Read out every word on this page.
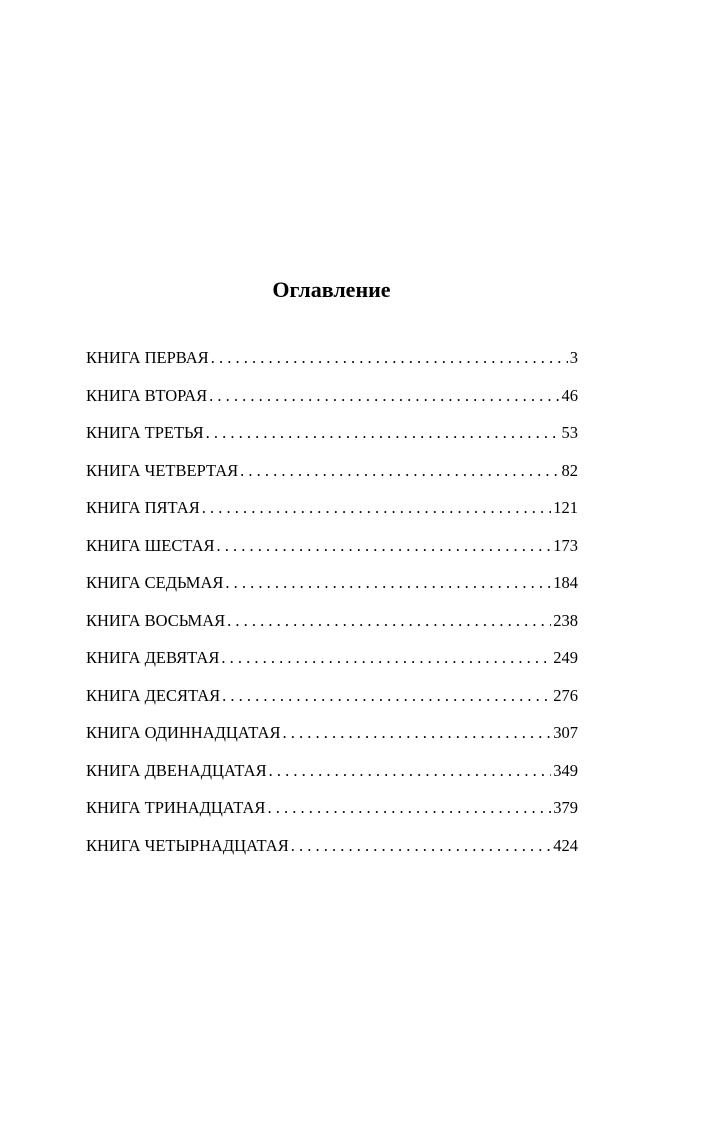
Оглавление
КНИГА ПЕРВАЯ . . .	3
КНИГА ВТОРАЯ . . .	46
КНИГА ТРЕТЬЯ . . .	53
КНИГА ЧЕТВЕРТАЯ . . .	82
КНИГА ПЯТАЯ . . .	121
КНИГА ШЕСТАЯ . . .	173
КНИГА СЕДЬМАЯ . . .	184
КНИГА ВОСЬМАЯ . . .	238
КНИГА ДЕВЯТАЯ . . .	249
КНИГА ДЕСЯТАЯ . . .	276
КНИГА ОДИННАДЦАТАЯ . . .	307
КНИГА ДВЕНАДЦАТАЯ . . .	349
КНИГА ТРИНАДЦАТАЯ . . .	379
КНИГА ЧЕТЫРНАДЦАТАЯ . . .	424
